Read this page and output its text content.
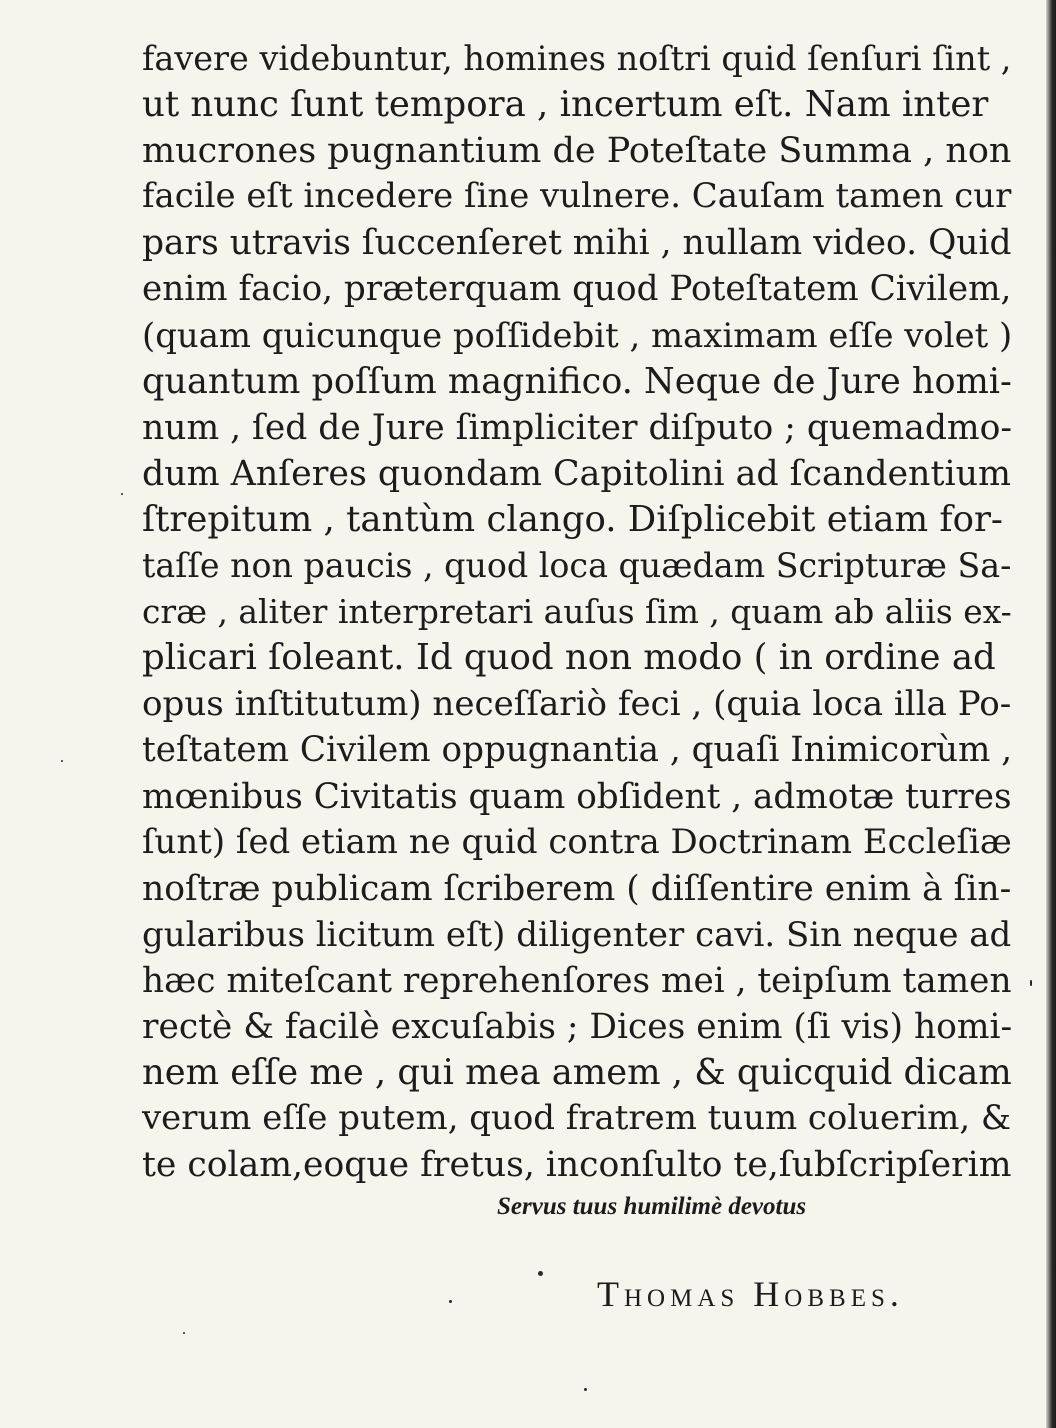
favere videbuntur, homines noſtri quid ſenſuri ſint ,
ut nunc ſunt tempora , incertum eſt. Nam inter
mucrones pugnantium de Poteſtate Summa , non
facile eſt incedere ſine vulnere. Cauſam tamen cur
pars utravis ſuccenſeret mihi , nullam video. Quid
enim facio, præterquam quod Poteſtatem Civilem,
(quam quicunque poſſidebit , maximam eſſe volet )
quantum poſſum magnifico. Neque de Jure homi-
num , ſed de Jure ſimpliciter diſputo ; quemadmo-
dum Anſeres quondam Capitolini ad ſcandentium
ſtrepitum , tantùm clango. Diſplicebit etiam for-
taſſe non paucis , quod loca quædam Scripturæ Sa-
cræ , aliter interpretari auſus ſim , quam ab aliis ex-
plicari ſoleant. Id quod non modo ( in ordine ad
opus inſtitutum) neceſſariò feci , (quia loca illa Po-
teſtatem Civilem oppugnantia , quaſi Inimicorùm ,
mœnibus Civitatis quam obſident , admotæ turres
ſunt) ſed etiam ne quid contra Doctrinam Eccleſiæ
noſtræ publicam ſcriberem ( diſſentire enim à ſin-
gularibus licitum eſt) diligenter cavi. Sin neque ad
hæc miteſcant reprehenſores mei , teipſum tamen
rectè & facilè excuſabis ; Dices enim (ſi vis) homi-
nem eſſe me , qui mea amem , & quicquid dicam
verum eſſe putem, quod fratrem tuum coluerim, &
te colam,eoque fretus, inconſulto te,ſubſcripſerim
Servus tuus humilimè devotus
Thomas Hobbes.
